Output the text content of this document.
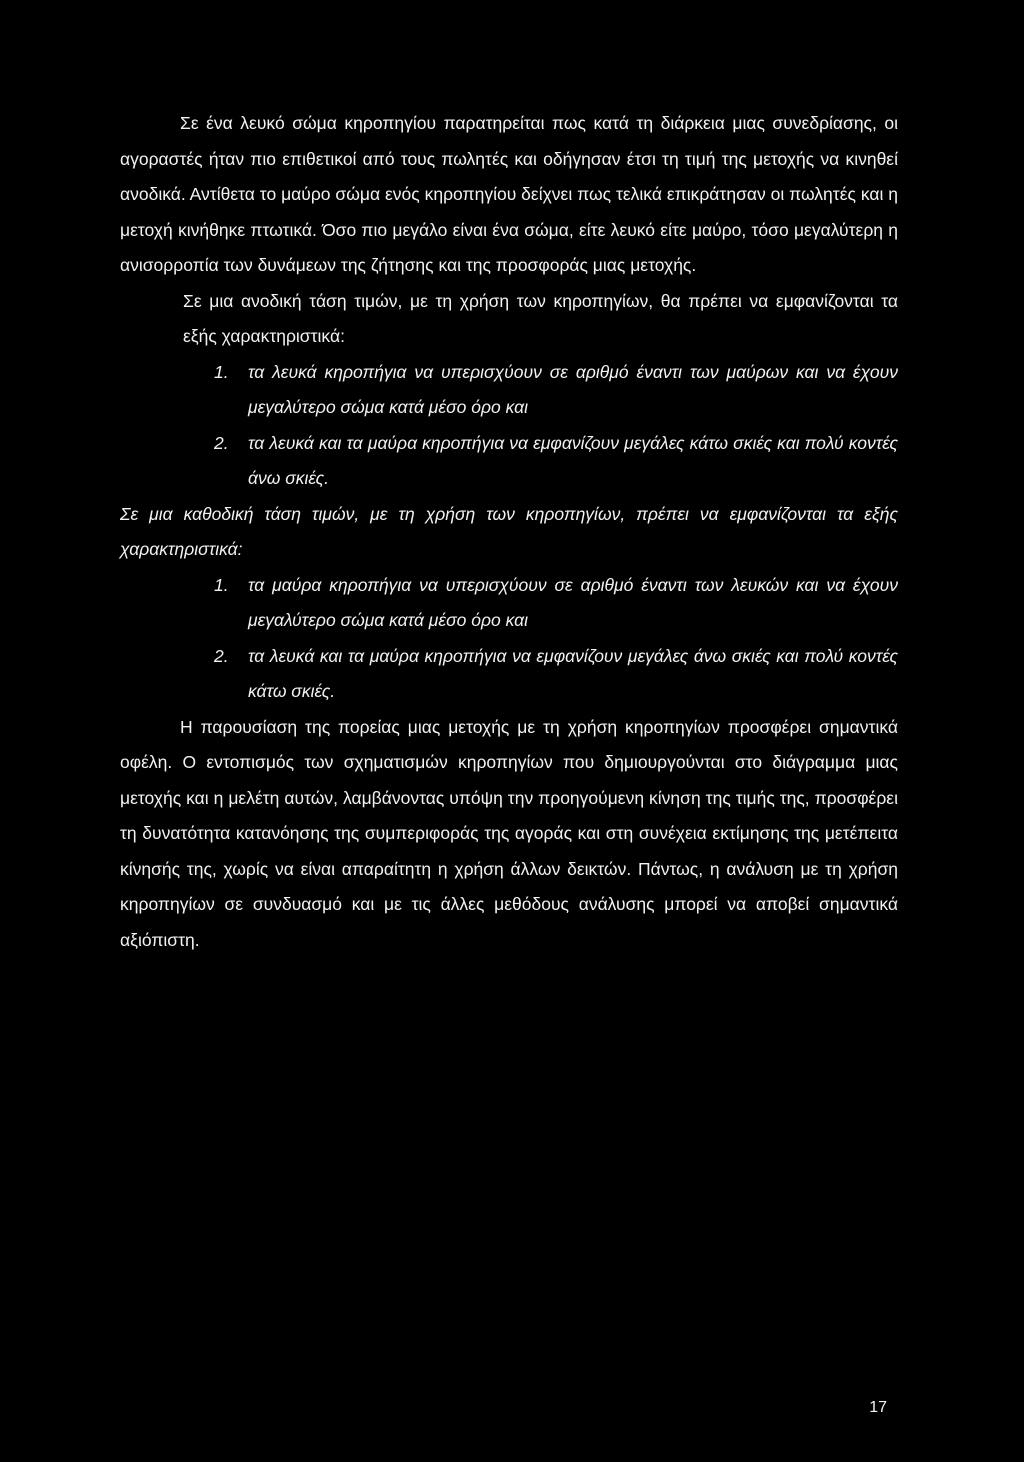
Σε ένα λευκό σώμα κηροπηγίου παρατηρείται πως κατά τη διάρκεια μιας συνεδρίασης, οι αγοραστές ήταν πιο επιθετικοί από τους πωλητές και οδήγησαν έτσι τη τιμή της μετοχής να κινηθεί ανοδικά. Αντίθετα το μαύρο σώμα ενός κηροπηγίου δείχνει πως τελικά επικράτησαν οι πωλητές και η μετοχή κινήθηκε πτωτικά. Όσο πιο μεγάλο είναι ένα σώμα, είτε λευκό είτε μαύρο, τόσο μεγαλύτερη η ανισορροπία των δυνάμεων της ζήτησης και της προσφοράς μιας μετοχής.

Σε μια ανοδική τάση τιμών, με τη χρήση των κηροπηγίων, θα πρέπει να εμφανίζονται τα εξής χαρακτηριστικά:

1. τα λευκά κηροπήγια να υπερισχύουν σε αριθμό έναντι των μαύρων και να έχουν μεγαλύτερο σώμα κατά μέσο όρο και
2. τα λευκά και τα μαύρα κηροπήγια να εμφανίζουν μεγάλες κάτω σκιές και πολύ κοντές άνω σκιές.

Σε μια καθοδική τάση τιμών, με τη χρήση των κηροπηγίων, πρέπει να εμφανίζονται τα εξής χαρακτηριστικά:

1. τα μαύρα κηροπήγια να υπερισχύουν σε αριθμό έναντι των λευκών και να έχουν μεγαλύτερο σώμα κατά μέσο όρο και
2. τα λευκά και τα μαύρα κηροπήγια να εμφανίζουν μεγάλες άνω σκιές και πολύ κοντές κάτω σκιές.

Η παρουσίαση της πορείας μιας μετοχής με τη χρήση κηροπηγίων προσφέρει σημαντικά οφέλη. Ο εντοπισμός των σχηματισμών κηροπηγίων που δημιουργούνται στο διάγραμμα μιας μετοχής και η μελέτη αυτών, λαμβάνοντας υπόψη την προηγούμενη κίνηση της τιμής της, προσφέρει τη δυνατότητα κατανόησης της συμπεριφοράς της αγοράς και στη συνέχεια εκτίμησης της μετέπειτα κίνησής της, χωρίς να είναι απαραίτητη η χρήση άλλων δεικτών. Πάντως, η ανάλυση με τη χρήση κηροπηγίων σε συνδυασμό και με τις άλλες μεθόδους ανάλυσης μπορεί να αποβεί σημαντικά αξιόπιστη.

17
